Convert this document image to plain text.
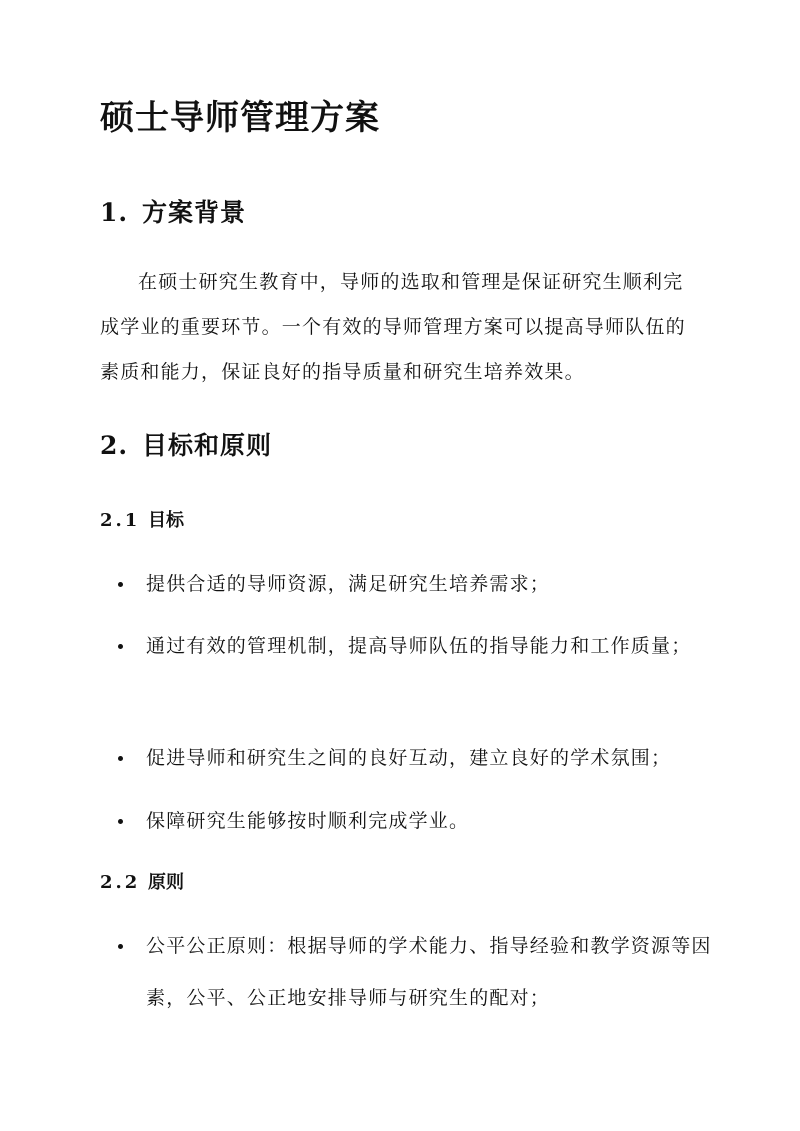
硕士导师管理方案
1. 方案背景

在硕士研究生教育中，导师的选取和管理是保证研究生顺利完成学业的重要环节。一个有效的导师管理方案可以提高导师队伍的素质和能力，保证良好的指导质量和研究生培养效果。

2. 目标和原则
2.1 目标
提供合适的导师资源，满足研究生培养需求；
通过有效的管理机制，提高导师队伍的指导能力和工作质量；
促进导师和研究生之间的良好互动，建立良好的学术氛围；
保障研究生能够按时顺利完成学业。
2.2 原则
公平公正原则：根据导师的学术能力、指导经验和教学资源等因素，公平、公正地安排导师与研究生的配对；
